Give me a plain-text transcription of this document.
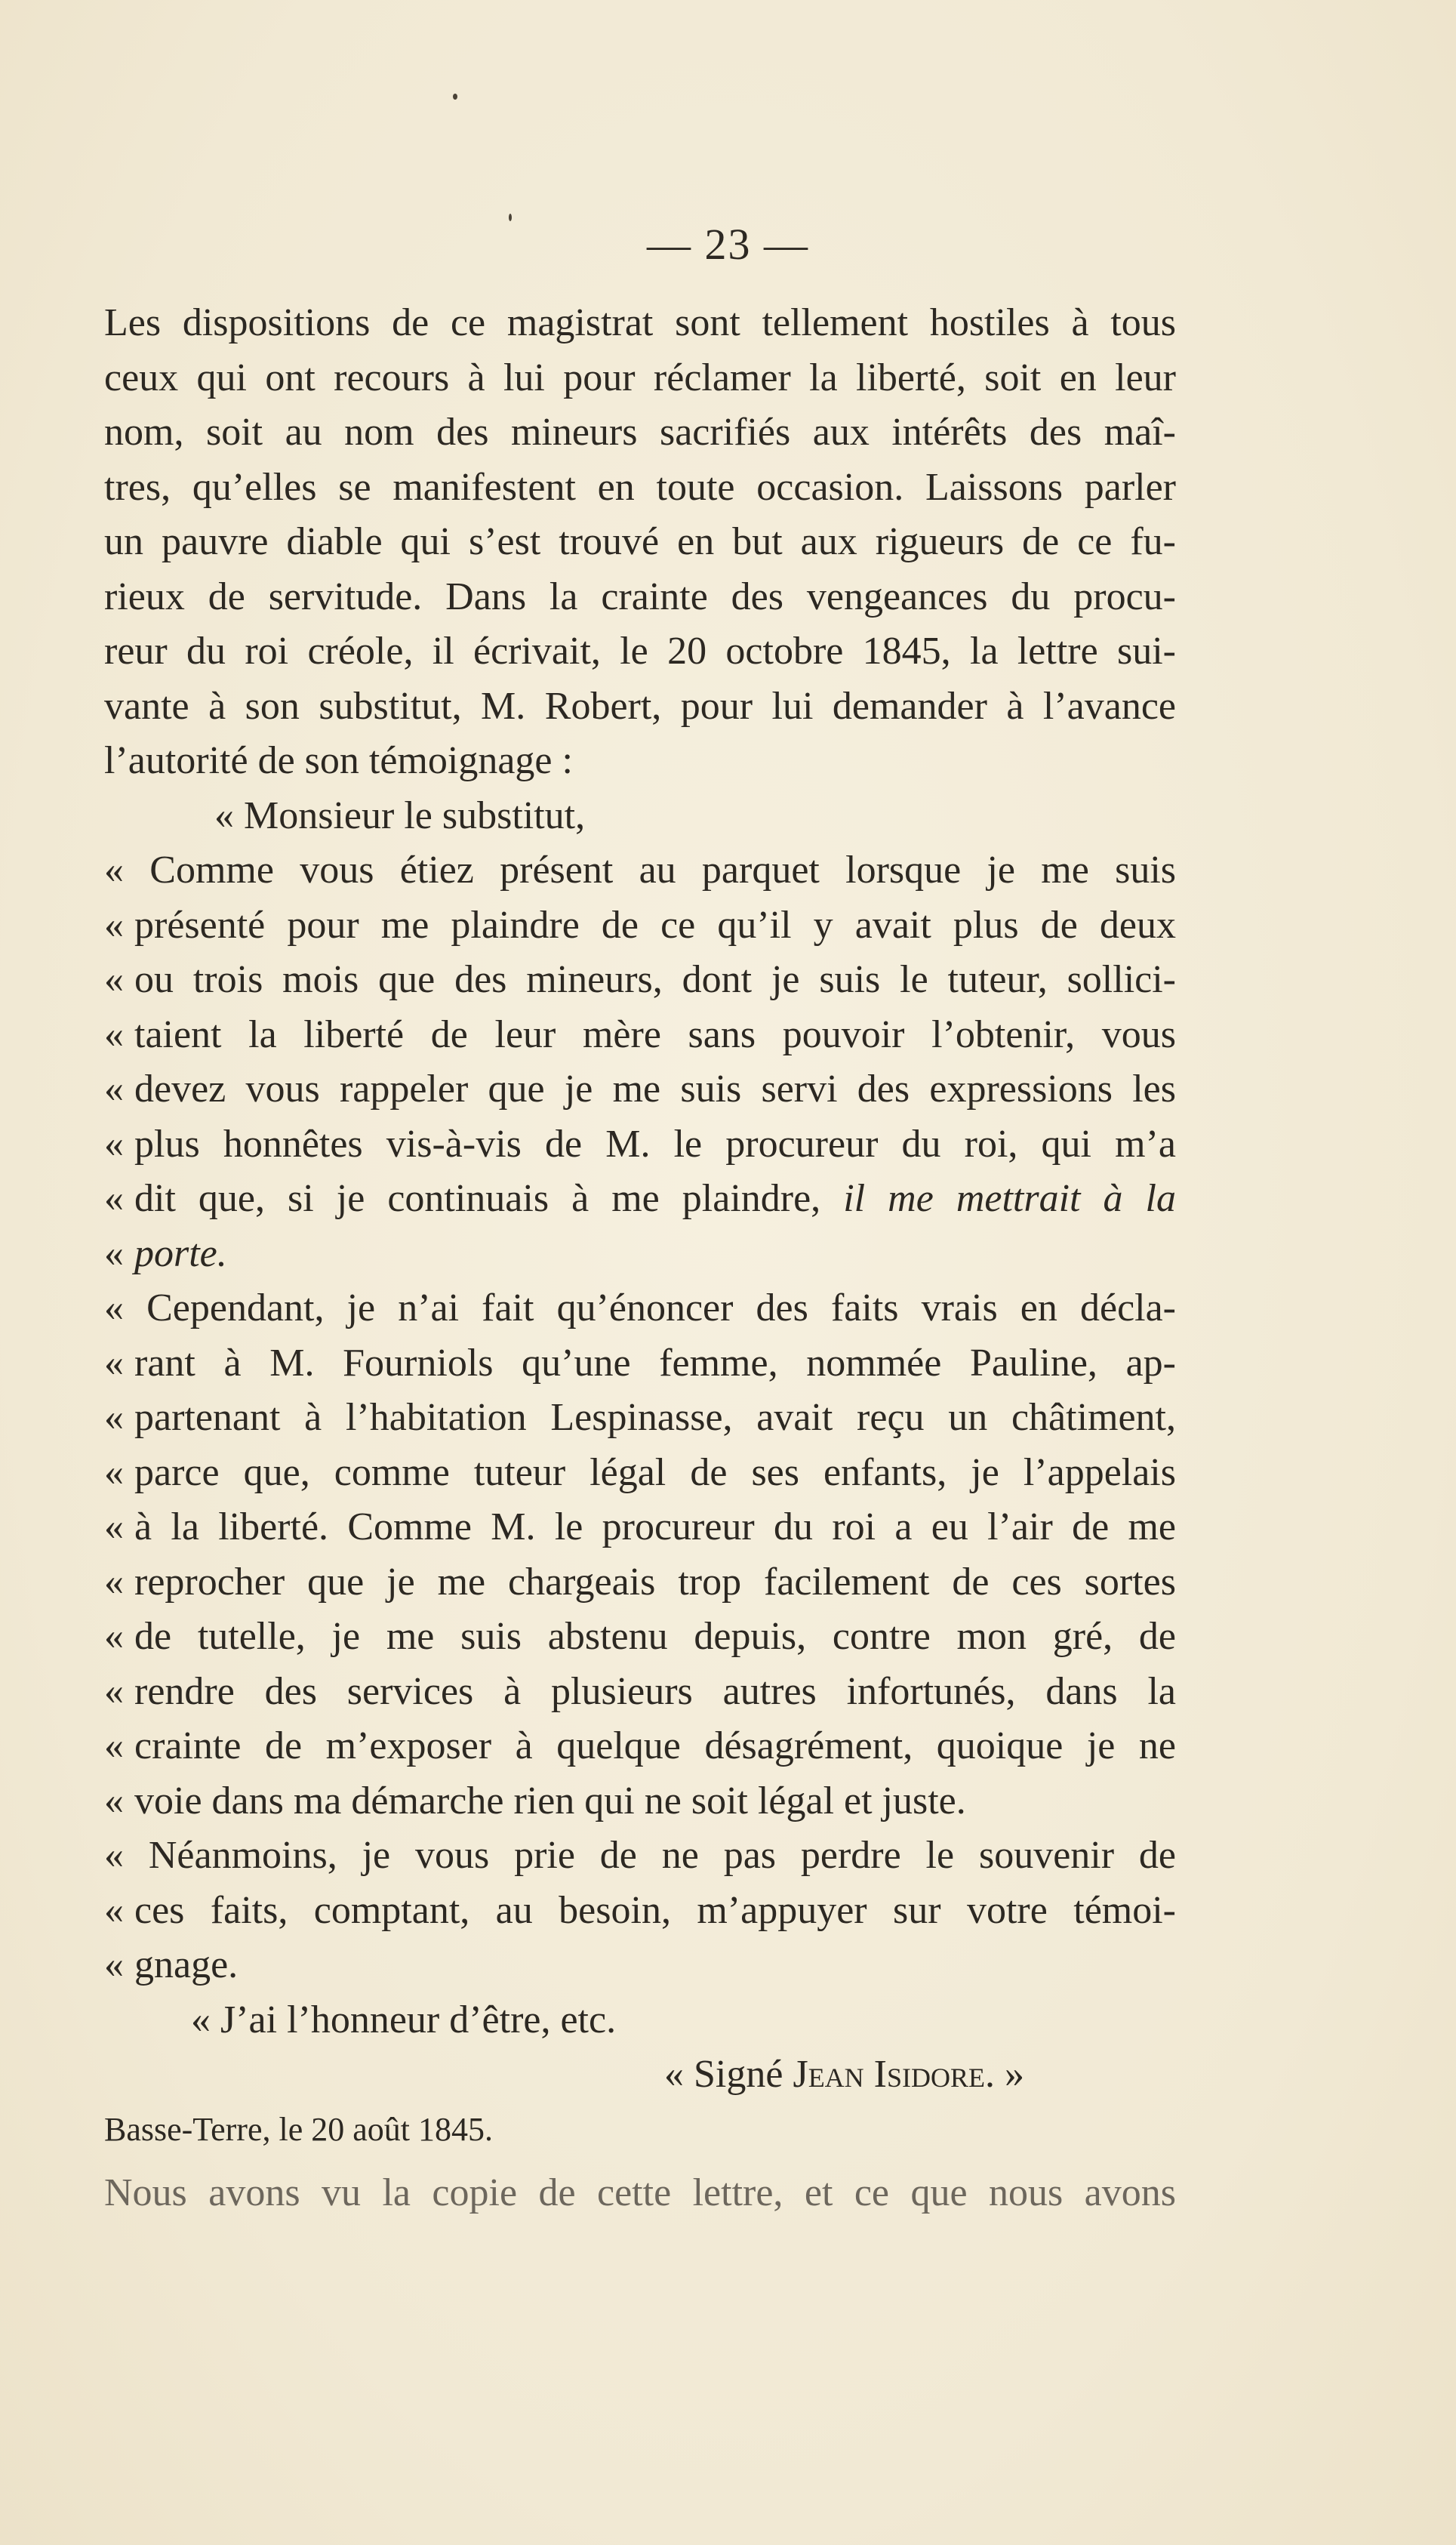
— 23 —
Les dispositions de ce magistrat sont tellement hostiles à tous
ceux qui ont recours à lui pour réclamer la liberté, soit en leur
nom, soit au nom des mineurs sacrifiés aux intérêts des maî-
tres, qu’elles se manifestent en toute occasion. Laissons parler
un pauvre diable qui s’est trouvé en but aux rigueurs de ce fu-
rieux de servitude. Dans la crainte des vengeances du procu-
reur du roi créole, il écrivait, le 20 octobre 1845, la lettre sui-
vante à son substitut, M. Robert, pour lui demander à l’avance
l’autorité de son témoignage :
« Monsieur le substitut,
« Comme vous étiez présent au parquet lorsque je me suis
« présenté pour me plaindre de ce qu’il y avait plus de deux
« ou trois mois que des mineurs, dont je suis le tuteur, sollici-
« taient la liberté de leur mère sans pouvoir l’obtenir, vous
« devez vous rappeler que je me suis servi des expressions les
« plus honnêtes vis-à-vis de M. le procureur du roi, qui m’a
« dit que, si je continuais à me plaindre, il me mettrait à la
« porte.
« Cependant, je n’ai fait qu’énoncer des faits vrais en décla-
« rant à M. Fourniols qu’une femme, nommée Pauline, ap-
« partenant à l’habitation Lespinasse, avait reçu un châtiment,
« parce que, comme tuteur légal de ses enfants, je l’appelais
« à la liberté. Comme M. le procureur du roi a eu l’air de me
« reprocher que je me chargeais trop facilement de ces sortes
« de tutelle, je me suis abstenu depuis, contre mon gré, de
« rendre des services à plusieurs autres infortunés, dans la
« crainte de m’exposer à quelque désagrément, quoique je ne
« voie dans ma démarche rien qui ne soit légal et juste.
« Néanmoins, je vous prie de ne pas perdre le souvenir de
« ces faits, comptant, au besoin, m’appuyer sur votre témoi-
« gnage.
« J’ai l’honneur d’être, etc.
« Signé Jean Isidore. »
Basse-Terre, le 20 août 1845.
Nous avons vu la copie de cette lettre, et ce que nous avons
